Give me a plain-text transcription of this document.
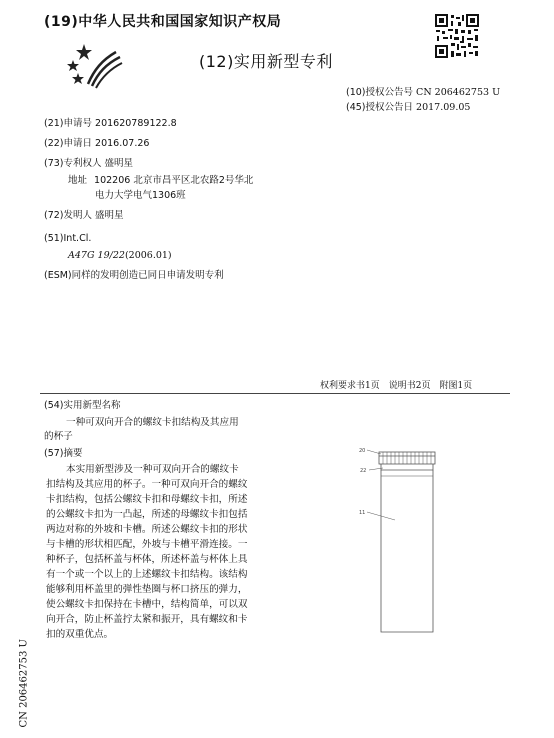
(19)中华人民共和国国家知识产权局
(12)实用新型专利
(10)授权公告号 CN 206462753 U
(45)授权公告日 2017.09.05
(21)申请号 201620789122.8
(22)申请日 2016.07.26
(73)专利权人 盛明星
地址 102206 北京市昌平区北农路2号华北
电力大学电气1306班
(72)发明人 盛明星
(51)Int.Cl.
A47G 19/22(2006.01)
(ESM)同样的发明创造已同日申请发明专利
权利要求书1页　说明书2页　附图1页
(54)实用新型名称
一种可双向开合的螺纹卡扣结构及其应用
的杯子
(57)摘要
本实用新型涉及一种可双向开合的螺纹卡
扣结构及其应用的杯子。一种可双向开合的螺纹
卡扣结构，包括公螺纹卡扣和母螺纹卡扣，所述
的公螺纹卡扣为一凸起，所述的母螺纹卡扣包括
两边对称的外坡和卡槽。所述公螺纹卡扣的形状
与卡槽的形状相匹配，外坡与卡槽平滑连接。一
种杯子，包括杯盖与杯体，所述杯盖与杯体上具
有一个或一个以上的上述螺纹卡扣结构。该结构
能够利用杯盖里的弹性垫圈与杯口挤压的弹力，
使公螺纹卡扣保持在卡槽中，结构简单，可以双
向开合，防止杯盖拧太紧和振开，具有螺纹和卡
扣的双重优点。
20
22
11
CN 206462753 U
